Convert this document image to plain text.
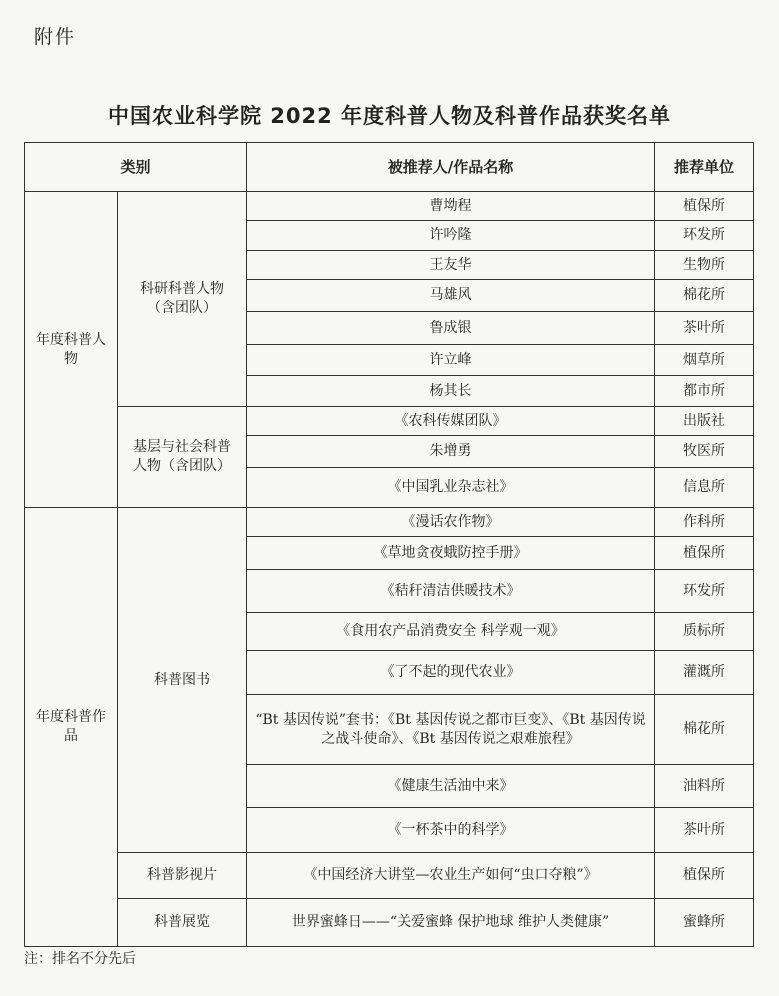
附件
中国农业科学院 2022 年度科普人物及科普作品获奖名单
类别		被推荐人/作品名称	推荐单位
年度科普人物	科研科普人物（含团队）	曹坳程	植保所
		许吟隆	环发所
		王友华	生物所
		马雄风	棉花所
		鲁成银	茶叶所
		许立峰	烟草所
		杨其长	都市所
	基层与社会科普人物（含团队）	《农科传媒团队》	出版社
		朱增勇	牧医所
		《中国乳业杂志社》	信息所
年度科普作品	科普图书	《漫话农作物》	作科所
		《草地贪夜蛾防控手册》	植保所
		《秸秆清洁供暖技术》	环发所
		《食用农产品消费安全 科学观一观》	质标所
		《了不起的现代农业》	灌溉所
		“Bt 基因传说”套书：《Bt 基因传说之都市巨变》、《Bt 基因传说之战斗使命》、《Bt 基因传说之艰难旅程》	棉花所
		《健康生活油中来》	油料所
		《一杯茶中的科学》	茶叶所
	科普影视片	《中国经济大讲堂—农业生产如何“虫口夺粮”》	植保所
	科普展览	世界蜜蜂日——“关爱蜜蜂 保护地球 维护人类健康”	蜜蜂所
注：排名不分先后
